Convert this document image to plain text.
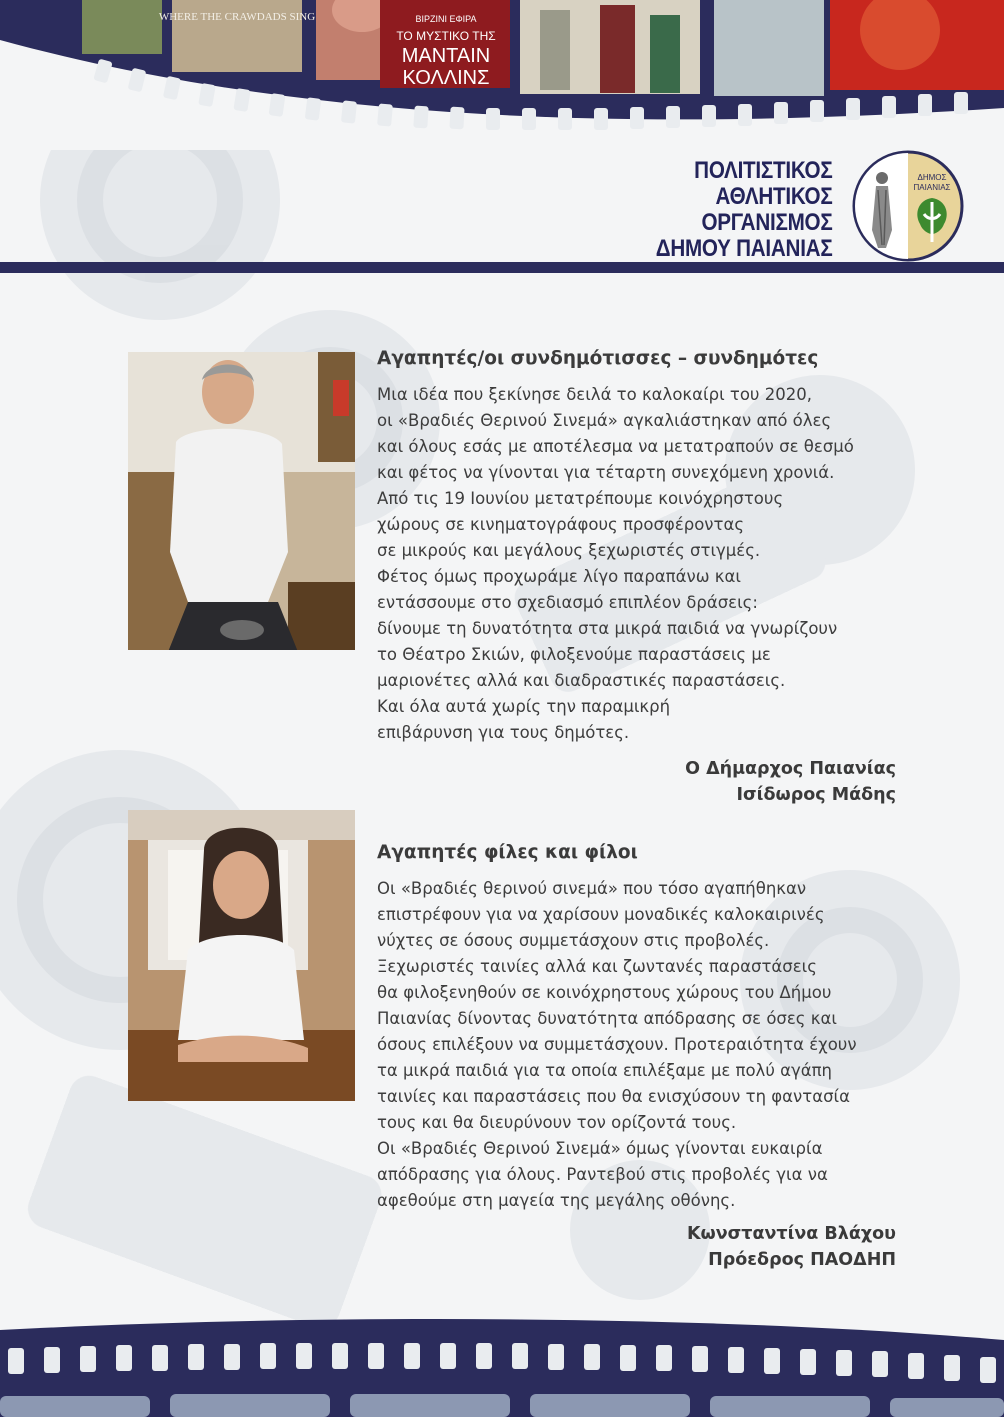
WHERE THE CRAWDADS SING	ΒΙΡΖΙΝΙ ΕΦΙΡΑ
ΤΟ ΜΥΣΤΙΚΟ ΤΗΣ
ΜΑΝΤΑΙΝ
ΚΟΛΛΙΝΣ
ΠΟΛΙΤΙΣΤΙΚΟΣ
ΑΘΛΗΤΙΚΟΣ
ΟΡΓΑΝΙΣΜΟΣ
ΔΗΜΟΥ ΠΑΙΑΝΙΑΣ
ΔΗΜΟΣ
ΠΑΙΑΝΙΑΣ
Αγαπητές/οι συνδημότισσες – συνδημότες
Μια ιδέα που ξεκίνησε δειλά το καλοκαίρι του 2020,
οι «Βραδιές Θερινού Σινεμά» αγκαλιάστηκαν από όλες
και όλους εσάς με αποτέλεσμα να μετατραπούν σε θεσμό
και φέτος να γίνονται για τέταρτη συνεχόμενη χρονιά.
Από τις 19 Ιουνίου μετατρέπουμε κοινόχρηστους
χώρους σε κινηματογράφους προσφέροντας
σε μικρούς και μεγάλους ξεχωριστές στιγμές.
Φέτος όμως προχωράμε λίγο παραπάνω και
εντάσσουμε στο σχεδιασμό επιπλέον δράσεις:
δίνουμε τη δυνατότητα στα μικρά παιδιά να γνωρίζουν
το Θέατρο Σκιών, φιλοξενούμε παραστάσεις με
μαριονέτες αλλά και διαδραστικές παραστάσεις.
Και όλα αυτά χωρίς την παραμικρή
επιβάρυνση για τους δημότες.
Ο Δήμαρχος Παιανίας
Ισίδωρος Μάδης
Αγαπητές φίλες και φίλοι
Οι «Βραδιές θερινού σινεμά» που τόσο αγαπήθηκαν
επιστρέφουν για να χαρίσουν μοναδικές καλοκαιρινές
νύχτες σε όσους συμμετάσχουν στις προβολές.
Ξεχωριστές ταινίες αλλά και ζωντανές παραστάσεις
θα φιλοξενηθούν σε κοινόχρηστους χώρους του Δήμου
Παιανίας δίνοντας δυνατότητα απόδρασης σε όσες και
όσους επιλέξουν να συμμετάσχουν. Προτεραιότητα έχουν
τα μικρά παιδιά για τα οποία επιλέξαμε με πολύ αγάπη
ταινίες και παραστάσεις που θα ενισχύσουν τη φαντασία
τους και θα διευρύνουν τον ορίζοντά τους.
Οι «Βραδιές Θερινού Σινεμά» όμως γίνονται ευκαιρία
απόδρασης για όλους. Ραντεβού στις προβολές για να
αφεθούμε στη μαγεία της μεγάλης οθόνης.
Κωνσταντίνα Βλάχου
Πρόεδρος ΠΑΟΔΗΠ
